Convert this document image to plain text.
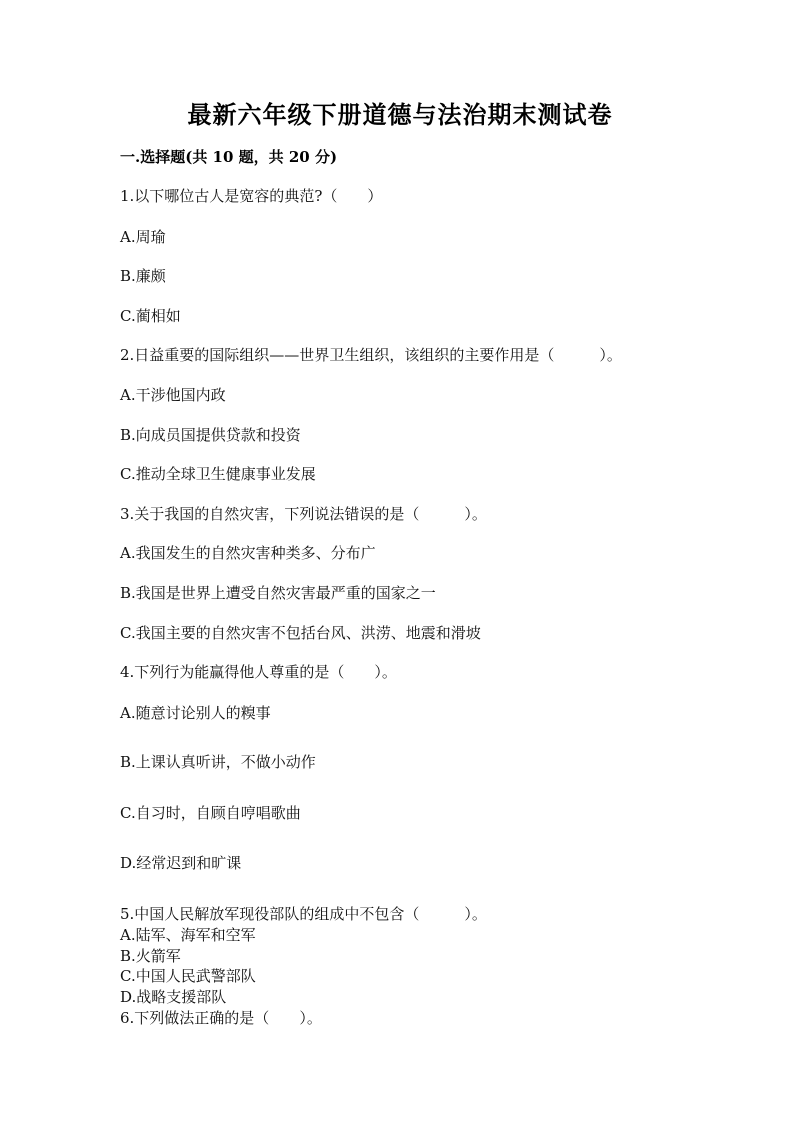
最新六年级下册道德与法治期末测试卷
一.选择题(共 10 题，共 20 分)
1.以下哪位古人是宽容的典范?（　　）
A.周瑜
B.廉颇
C.蔺相如
2.日益重要的国际组织——世界卫生组织，该组织的主要作用是（　　　）。
A.干涉他国内政
B.向成员国提供贷款和投资
C.推动全球卫生健康事业发展
3.关于我国的自然灾害，下列说法错误的是（　　　）。
A.我国发生的自然灾害种类多、分布广
B.我国是世界上遭受自然灾害最严重的国家之一
C.我国主要的自然灾害不包括台风、洪涝、地震和滑坡
4.下列行为能赢得他人尊重的是（　　）。
A.随意讨论别人的糗事
B.上课认真听讲，不做小动作
C.自习时，自顾自哼唱歌曲
D.经常迟到和旷课
5.中国人民解放军现役部队的组成中不包含（　　　）。
A.陆军、海军和空军
B.火箭军
C.中国人民武警部队
D.战略支援部队
6.下列做法正确的是（　　）。
